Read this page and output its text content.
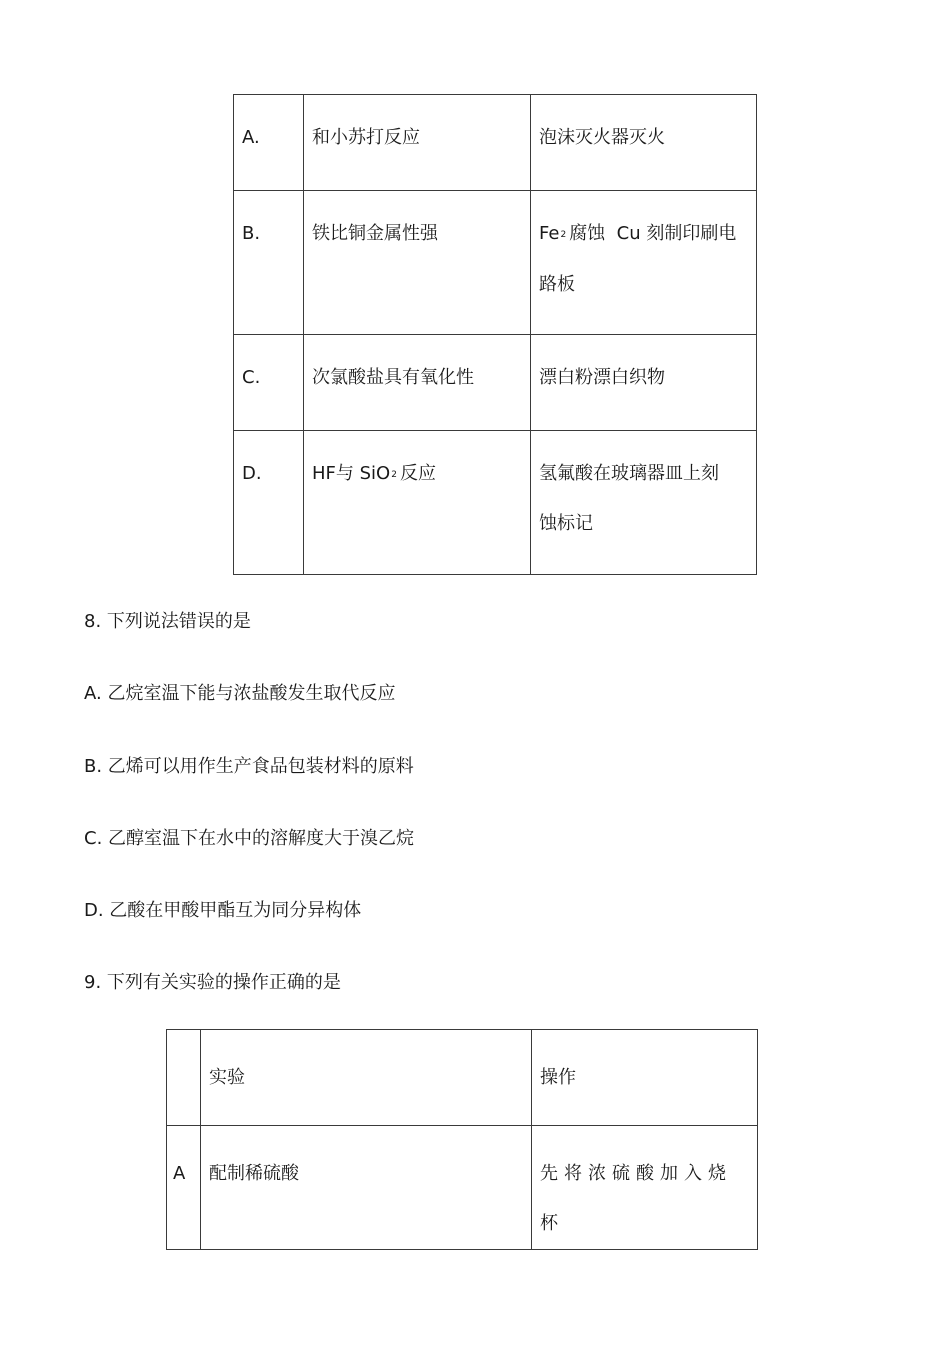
A.	和小苏打反应	泡沫灭火器灭火
B.	铁比铜金属性强	$Fe_2$ 腐蚀  Cu 刻制印刷电
路板
C.	次氯酸盐具有氧化性	漂白粉漂白织物
D.	HF与 SiO$_2$ 反应	氢氟酸在玻璃器皿上刻
蚀标记
8. 下列说法错误的是
A. 乙烷室温下能与浓盐酸发生取代反应
B. 乙烯可以用作生产食品包装材料的原料
C. 乙醇室温下在水中的溶解度大于溴乙烷
D. 乙酸在甲酸甲酯互为同分异构体
9. 下列有关实验的操作正确的是
	实验	操作
A	配制稀硫酸	先将浓硫酸加入烧杯
